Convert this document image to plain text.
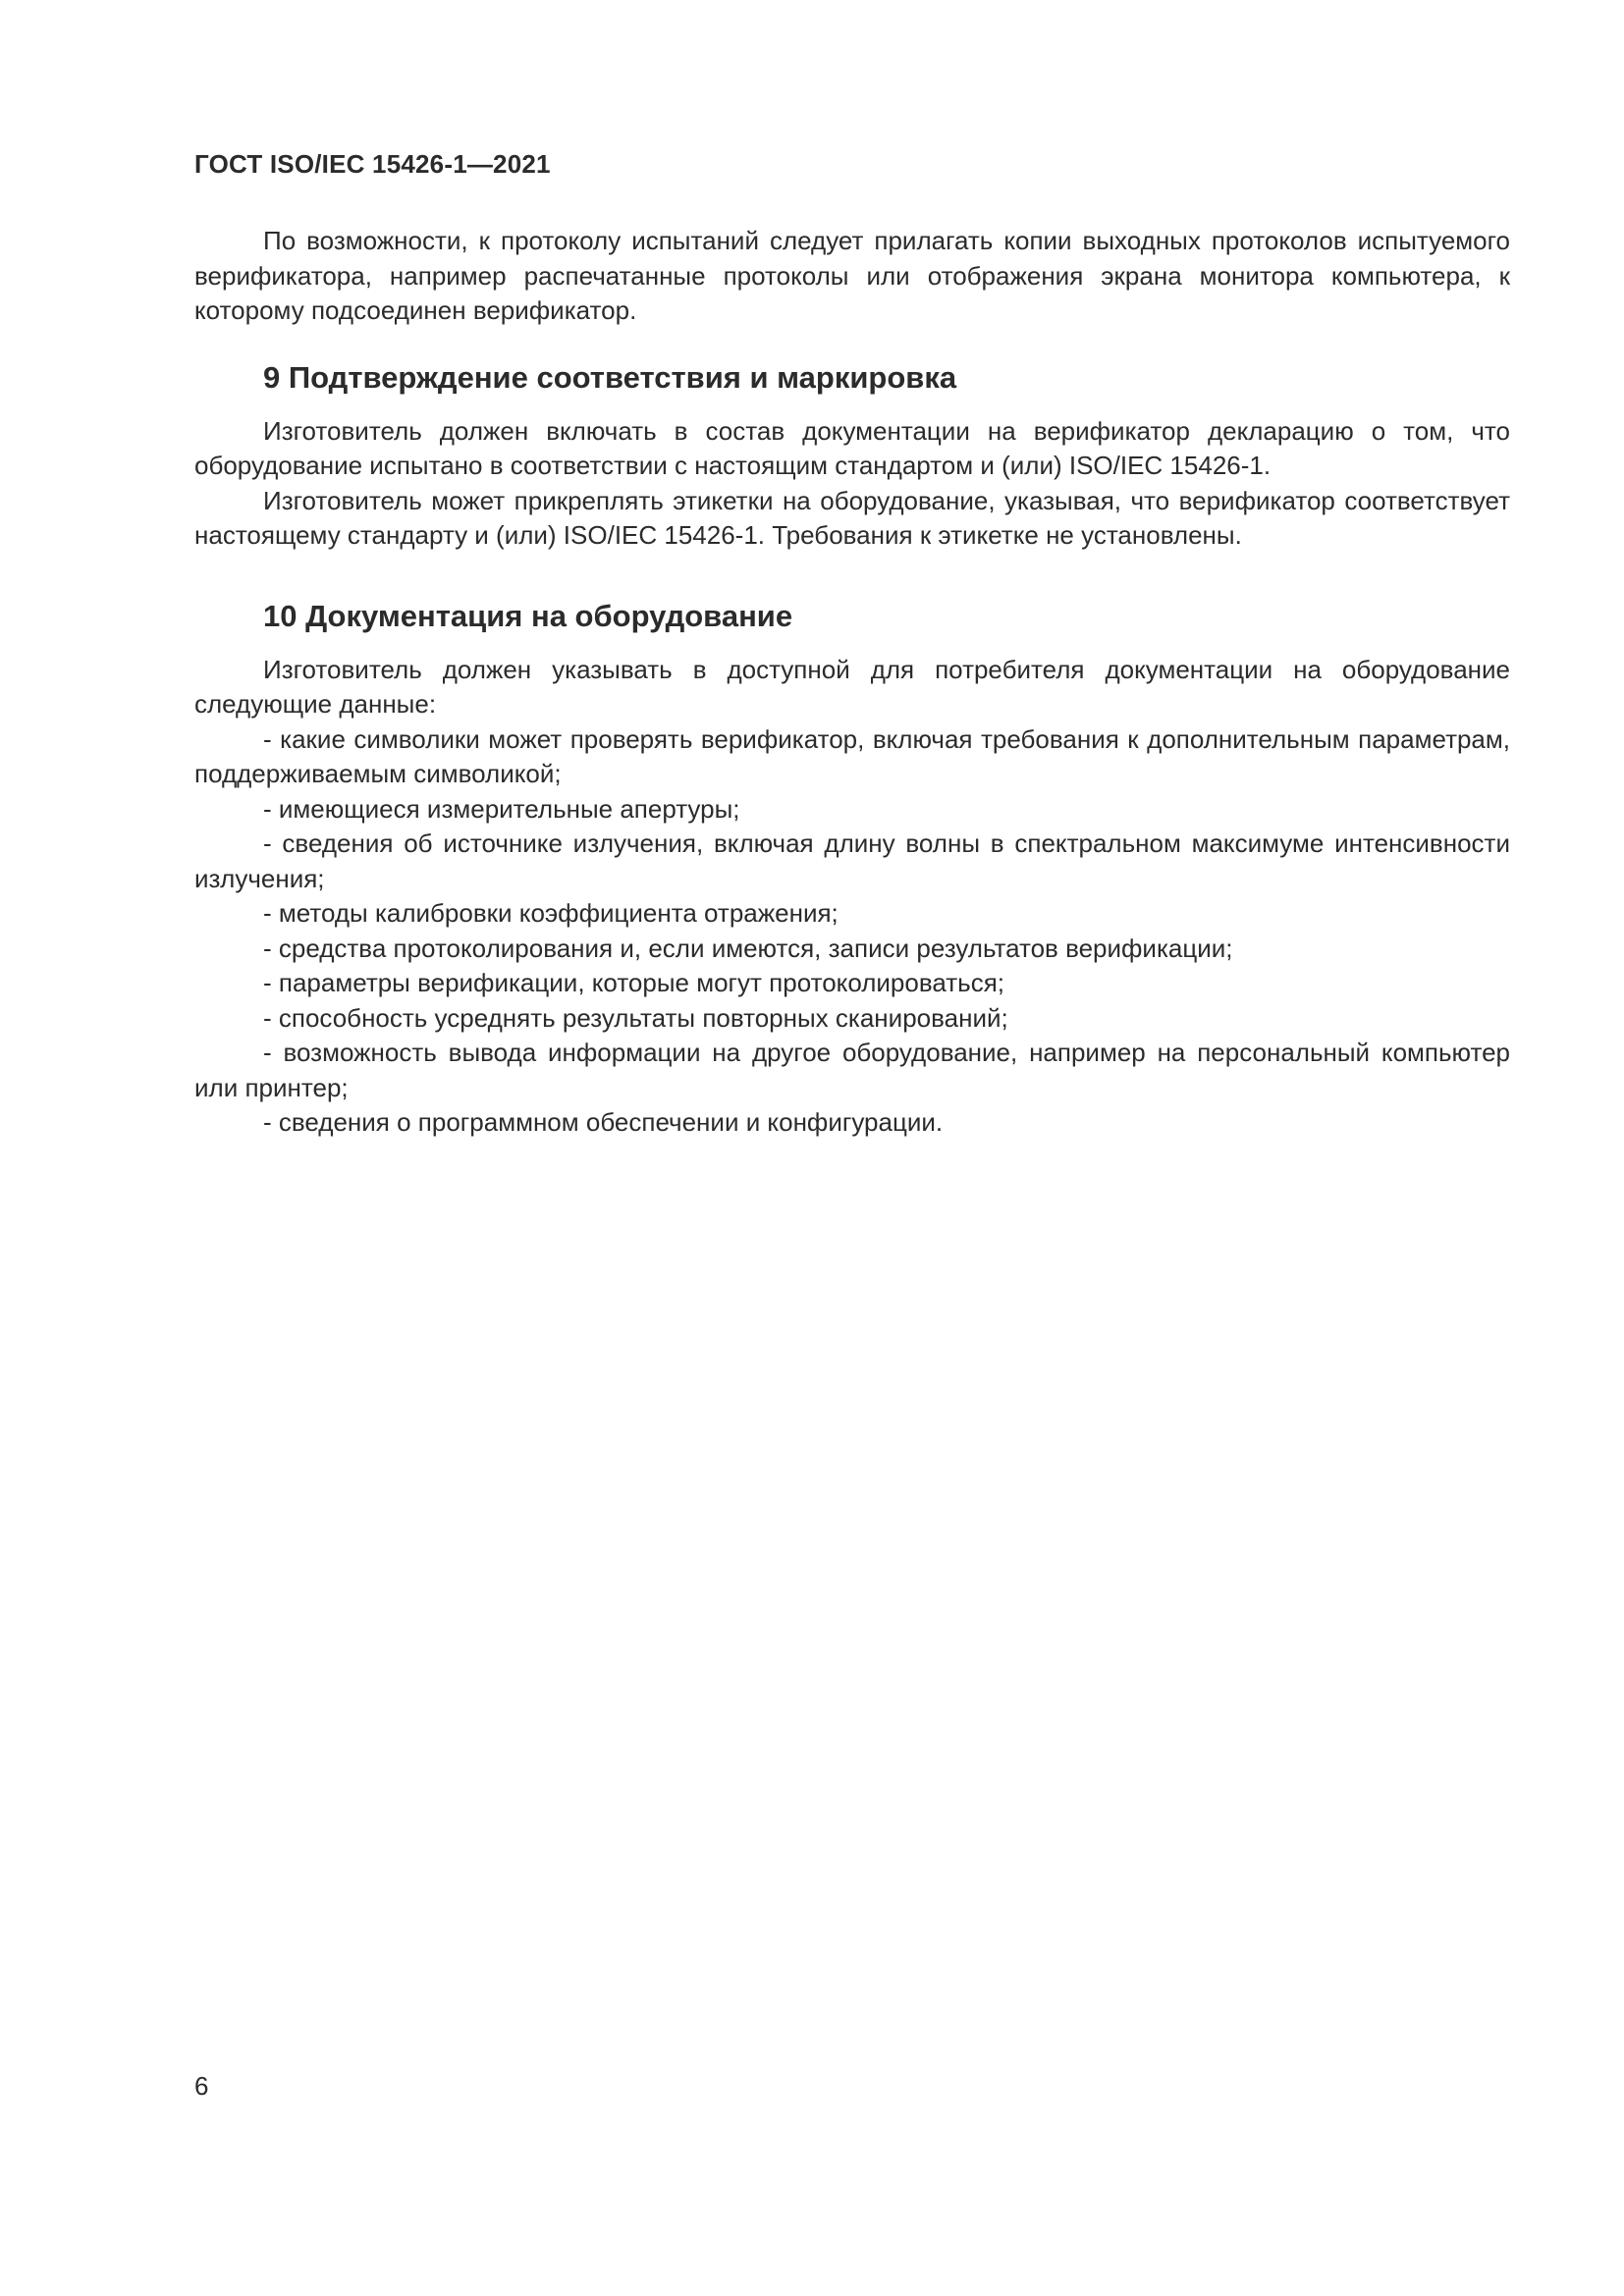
ГОСТ ISO/IEC 15426-1—2021

По возможности, к протоколу испытаний следует прилагать копии выходных протоколов испытуемого верификатора, например распечатанные протоколы или отображения экрана монитора компьютера, к которому подсоединен верификатор.

9 Подтверждение соответствия и маркировка

Изготовитель должен включать в состав документации на верификатор декларацию о том, что оборудование испытано в соответствии с настоящим стандартом и (или) ISO/IEC 15426-1.

Изготовитель может прикреплять этикетки на оборудование, указывая, что верификатор соответствует настоящему стандарту и (или) ISO/IEC 15426-1. Требования к этикетке не установлены.

10 Документация на оборудование

Изготовитель должен указывать в доступной для потребителя документации на оборудование следующие данные:

- какие символики может проверять верификатор, включая требования к дополнительным параметрам, поддерживаемым символикой;

- имеющиеся измерительные апертуры;

- сведения об источнике излучения, включая длину волны в спектральном максимуме интенсивности излучения;

- методы калибровки коэффициента отражения;

- средства протоколирования и, если имеются, записи результатов верификации;

- параметры верификации, которые могут протоколироваться;

- способность усреднять результаты повторных сканирований;

- возможность вывода информации на другое оборудование, например на персональный компьютер или принтер;

- сведения о программном обеспечении и конфигурации.

6
